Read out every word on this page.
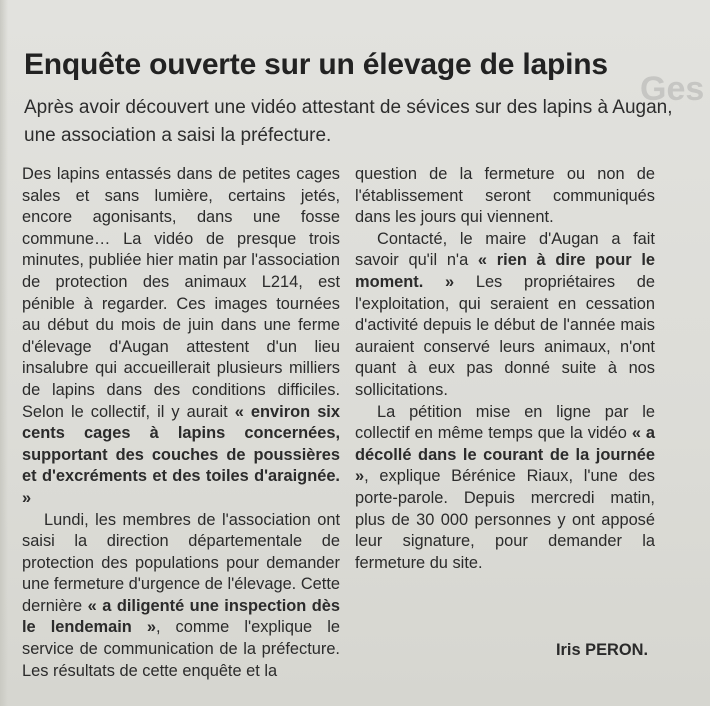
Ges
Enquête ouverte sur un élevage de lapins
Après avoir découvert une vidéo attestant de sévices sur des lapins à Augan, une association a saisi la préfecture.

Des lapins entassés dans de petites cages sales et sans lumière, certains jetés, encore agonisants, dans une fosse commune… La vidéo de presque trois minutes, publiée hier matin par l'association de protection des animaux L214, est pénible à regarder. Ces images tournées au début du mois de juin dans une ferme d'élevage d'Augan attestent d'un lieu insalubre qui accueillerait plusieurs milliers de lapins dans des conditions difficiles. Selon le collectif, il y aurait « environ six cents cages à lapins concernées, supportant des couches de poussières et d'excréments et des toiles d'araignée. »

Lundi, les membres de l'association ont saisi la direction départementale de protection des populations pour demander une fermeture d'urgence de l'élevage. Cette dernière « a diligenté une inspection dès le lendemain », comme l'explique le service de communication de la préfecture. Les résultats de cette enquête et la

question de la fermeture ou non de l'établissement seront communiqués dans les jours qui viennent.

Contacté, le maire d'Augan a fait savoir qu'il n'a « rien à dire pour le moment. » Les propriétaires de l'exploitation, qui seraient en cessation d'activité depuis le début de l'année mais auraient conservé leurs animaux, n'ont quant à eux pas donné suite à nos sollicitations.

La pétition mise en ligne par le collectif en même temps que la vidéo « a décollé dans le courant de la journée », explique Bérénice Riaux, l'une des porte-parole. Depuis mercredi matin, plus de 30 000 personnes y ont apposé leur signature, pour demander la fermeture du site.

Iris PERON.
